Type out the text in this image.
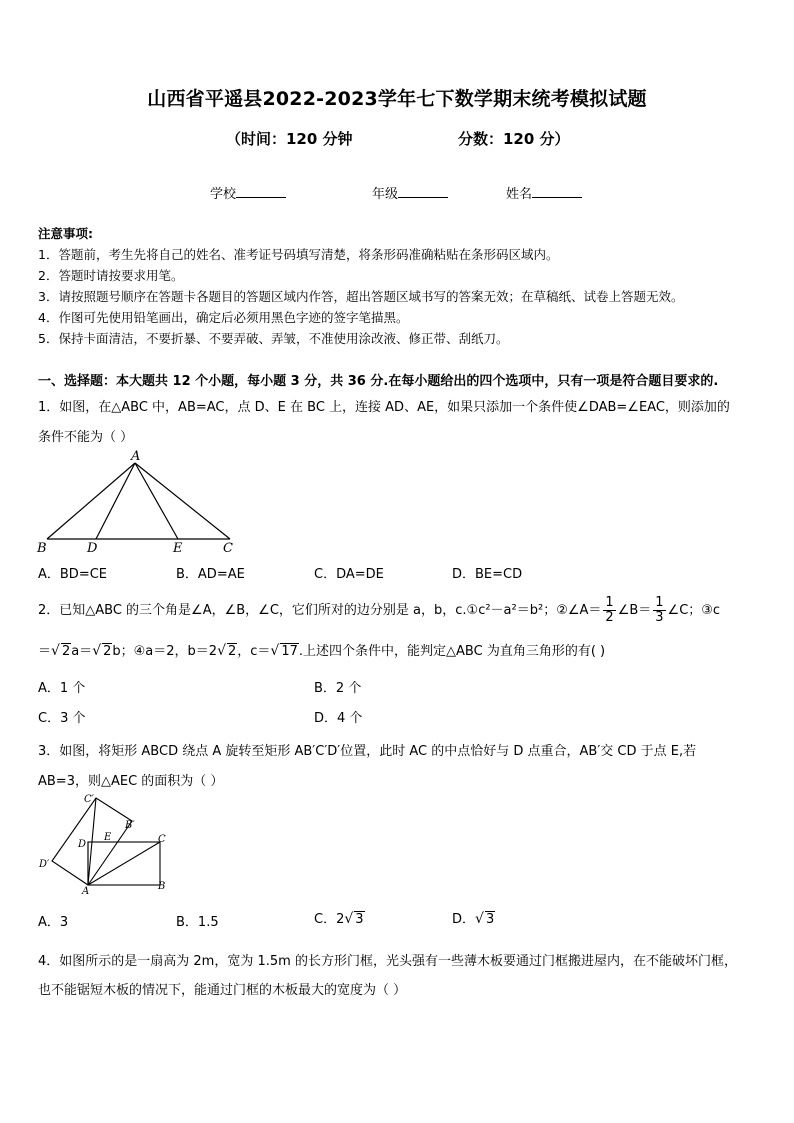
山西省平遥县2022-2023学年七下数学期末统考模拟试题
（时间：120 分钟	分数：120 分）
学校	年级	姓名
注意事项:
1．答题前，考生先将自己的姓名、准考证号码填写清楚，将条形码准确粘贴在条形码区域内。
2．答题时请按要求用笔。
3．请按照题号顺序在答题卡各题目的答题区域内作答，超出答题区域书写的答案无效；在草稿纸、试卷上答题无效。
4．作图可先使用铅笔画出，确定后必须用黑色字迹的签字笔描黑。
5．保持卡面清洁，不要折暴、不要弄破、弄皱，不准使用涂改液、修正带、刮纸刀。
一、选择题：本大题共 12 个小题，每小题 3 分，共 36 分.在每小题给出的四个选项中，只有一项是符合题目要求的.
1．如图，在△ABC 中，AB=AC，点 D、E 在 BC 上，连接 AD、AE，如果只添加一个条件使∠DAB=∠EAC，则添加的
条件不能为（ ）
A
B	D	E	C
A．BD=CE	B．AD=AE	C．DA=DE	D．BE=CD
2．已知△ABC 的三个角是∠A，∠B，∠C，它们所对的边分别是 a，b，c.①c²－a²＝b²；②∠A＝ $\frac{1}{2}$ ∠B＝ $\frac{1}{3}$ ∠C；③c
＝√ 2a＝√ 2b；④a＝2，b＝2√ 2，c＝√ 17.上述四个条件中，能判定△ABC 为直角三角形的有( )
A．1 个	B．2 个
C．3 个	D．4 个
3．如图，将矩形 ABCD 绕点 A 旋转至矩形 AB′C′D′位置，此时 AC 的中点恰好与 D 点重合，AB′交 CD 于点 E,若
AB=3，则△AEC 的面积为（ ）
C′
B′
E
D	C
D′
A	B
A．3	B．1.5	C．2√ 3	D．√ 3
4．如图所示的是一扇高为 2m，宽为 1.5m 的长方形门框，光头强有一些薄木板要通过门框搬进屋内，在不能破坏门框，
也不能锯短木板的情况下，能通过门框的木板最大的宽度为（ ）
